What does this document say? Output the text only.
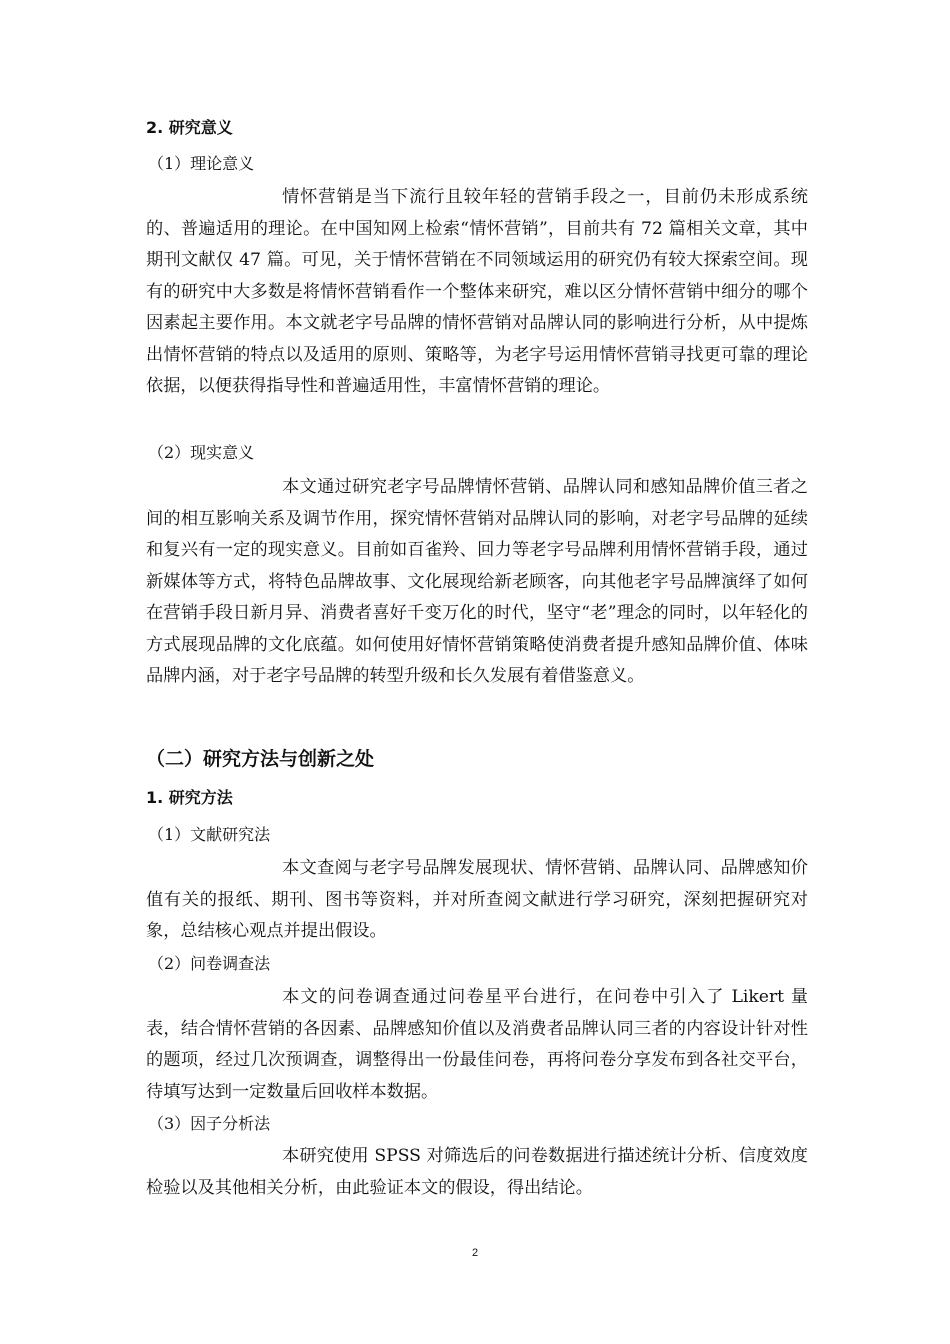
2. 研究意义
（1）理论意义

情怀营销是当下流行且较年轻的营销手段之一，目前仍未形成系统的、普遍适用的理论。在中国知网上检索“情怀营销”，目前共有 72 篇相关文章，其中期刊文献仅 47 篇。可见，关于情怀营销在不同领域运用的研究仍有较大探索空间。现有的研究中大多数是将情怀营销看作一个整体来研究，难以区分情怀营销中细分的哪个因素起主要作用。本文就老字号品牌的情怀营销对品牌认同的影响进行分析，从中提炼出情怀营销的特点以及适用的原则、策略等，为老字号运用情怀营销寻找更可靠的理论依据，以便获得指导性和普遍适用性，丰富情怀营销的理论。

（2）现实意义

本文通过研究老字号品牌情怀营销、品牌认同和感知品牌价值三者之间的相互影响关系及调节作用，探究情怀营销对品牌认同的影响，对老字号品牌的延续和复兴有一定的现实意义。目前如百雀羚、回力等老字号品牌利用情怀营销手段，通过新媒体等方式，将特色品牌故事、文化展现给新老顾客，向其他老字号品牌演绎了如何在营销手段日新月异、消费者喜好千变万化的时代，坚守“老”理念的同时，以年轻化的方式展现品牌的文化底蕴。如何使用好情怀营销策略使消费者提升感知品牌价值、体味品牌内涵，对于老字号品牌的转型升级和长久发展有着借鉴意义。

（二）研究方法与创新之处
1. 研究方法
（1）文献研究法

本文查阅与老字号品牌发展现状、情怀营销、品牌认同、品牌感知价值有关的报纸、期刊、图书等资料，并对所查阅文献进行学习研究，深刻把握研究对象，总结核心观点并提出假设。

（2）问卷调查法

本文的问卷调查通过问卷星平台进行，在问卷中引入了 Likert 量表，结合情怀营销的各因素、品牌感知价值以及消费者品牌认同三者的内容设计针对性的题项，经过几次预调查，调整得出一份最佳问卷，再将问卷分享发布到各社交平台，待填写达到一定数量后回收样本数据。

（3）因子分析法

本研究使用 SPSS 对筛选后的问卷数据进行描述统计分析、信度效度检验以及其他相关分析，由此验证本文的假设，得出结论。

2
